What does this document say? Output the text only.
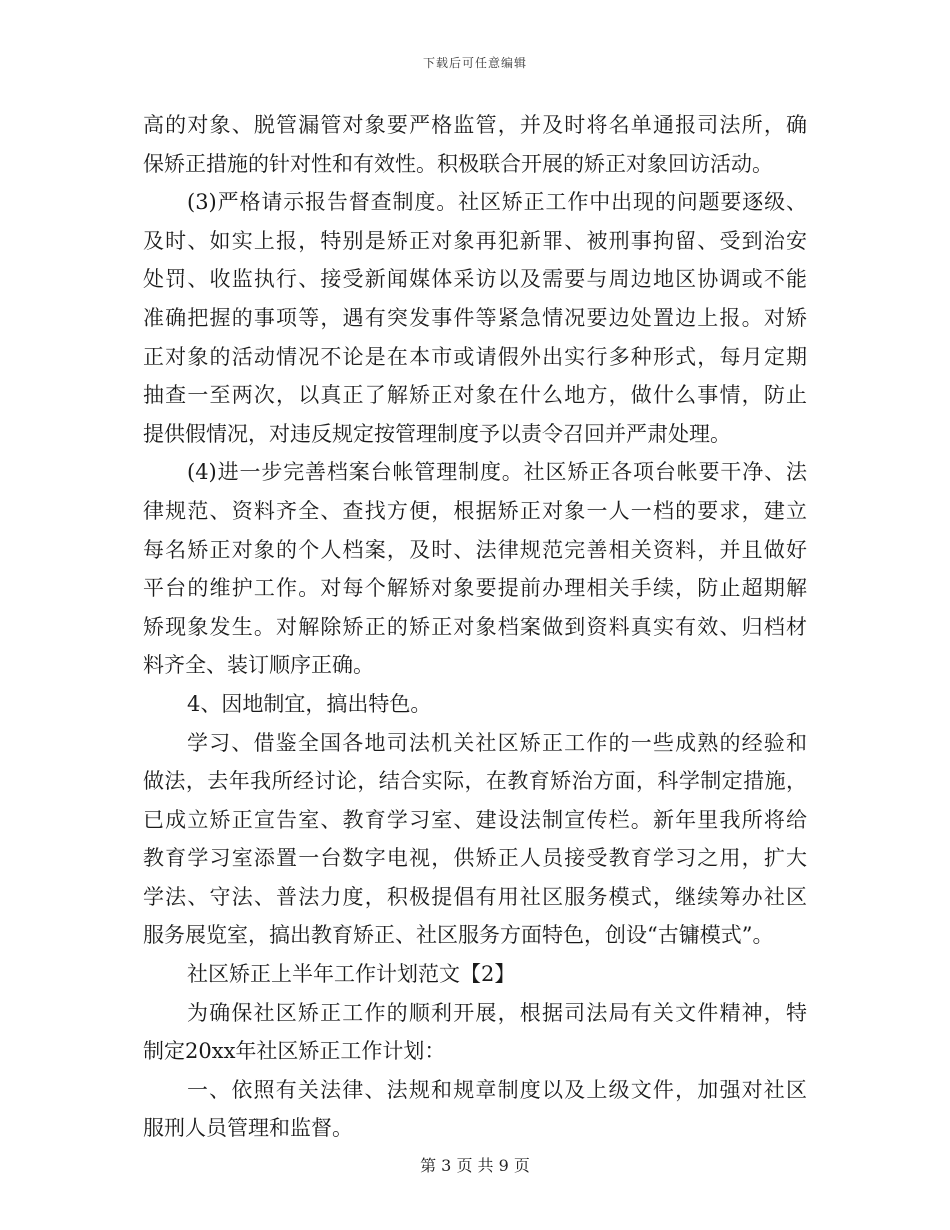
下载后可任意编辑
高的对象、脱管漏管对象要严格监管，并及时将名单通报司法所，确
保矫正措施的针对性和有效性。积极联合开展的矫正对象回访活动。
(3)严格请示报告督查制度。社区矫正工作中出现的问题要逐级、
及时、如实上报，特别是矫正对象再犯新罪、被刑事拘留、受到治安
处罚、收监执行、接受新闻媒体采访以及需要与周边地区协调或不能
准确把握的事项等，遇有突发事件等紧急情况要边处置边上报。对矫
正对象的活动情况不论是在本市或请假外出实行多种形式，每月定期
抽查一至两次，以真正了解矫正对象在什么地方，做什么事情，防止
提供假情况，对违反规定按管理制度予以责令召回并严肃处理。
(4)进一步完善档案台帐管理制度。社区矫正各项台帐要干净、法
律规范、资料齐全、查找方便，根据矫正对象一人一档的要求，建立
每名矫正对象的个人档案，及时、法律规范完善相关资料，并且做好
平台的维护工作。对每个解矫对象要提前办理相关手续，防止超期解
矫现象发生。对解除矫正的矫正对象档案做到资料真实有效、归档材
料齐全、装订顺序正确。
4、因地制宜，搞出特色。
学习、借鉴全国各地司法机关社区矫正工作的一些成熟的经验和
做法，去年我所经讨论，结合实际，在教育矫治方面，科学制定措施，
已成立矫正宣告室、教育学习室、建设法制宣传栏。新年里我所将给
教育学习室添置一台数字电视，供矫正人员接受教育学习之用，扩大
学法、守法、普法力度，积极提倡有用社区服务模式，继续筹办社区
服务展览室，搞出教育矫正、社区服务方面特色，创设“古镛模式”。
社区矫正上半年工作计划范文【2】
为确保社区矫正工作的顺利开展，根据司法局有关文件精神，特
制定20xx年社区矫正工作计划：
一、依照有关法律、法规和规章制度以及上级文件，加强对社区
服刑人员管理和监督。
第 3 页 共 9 页
